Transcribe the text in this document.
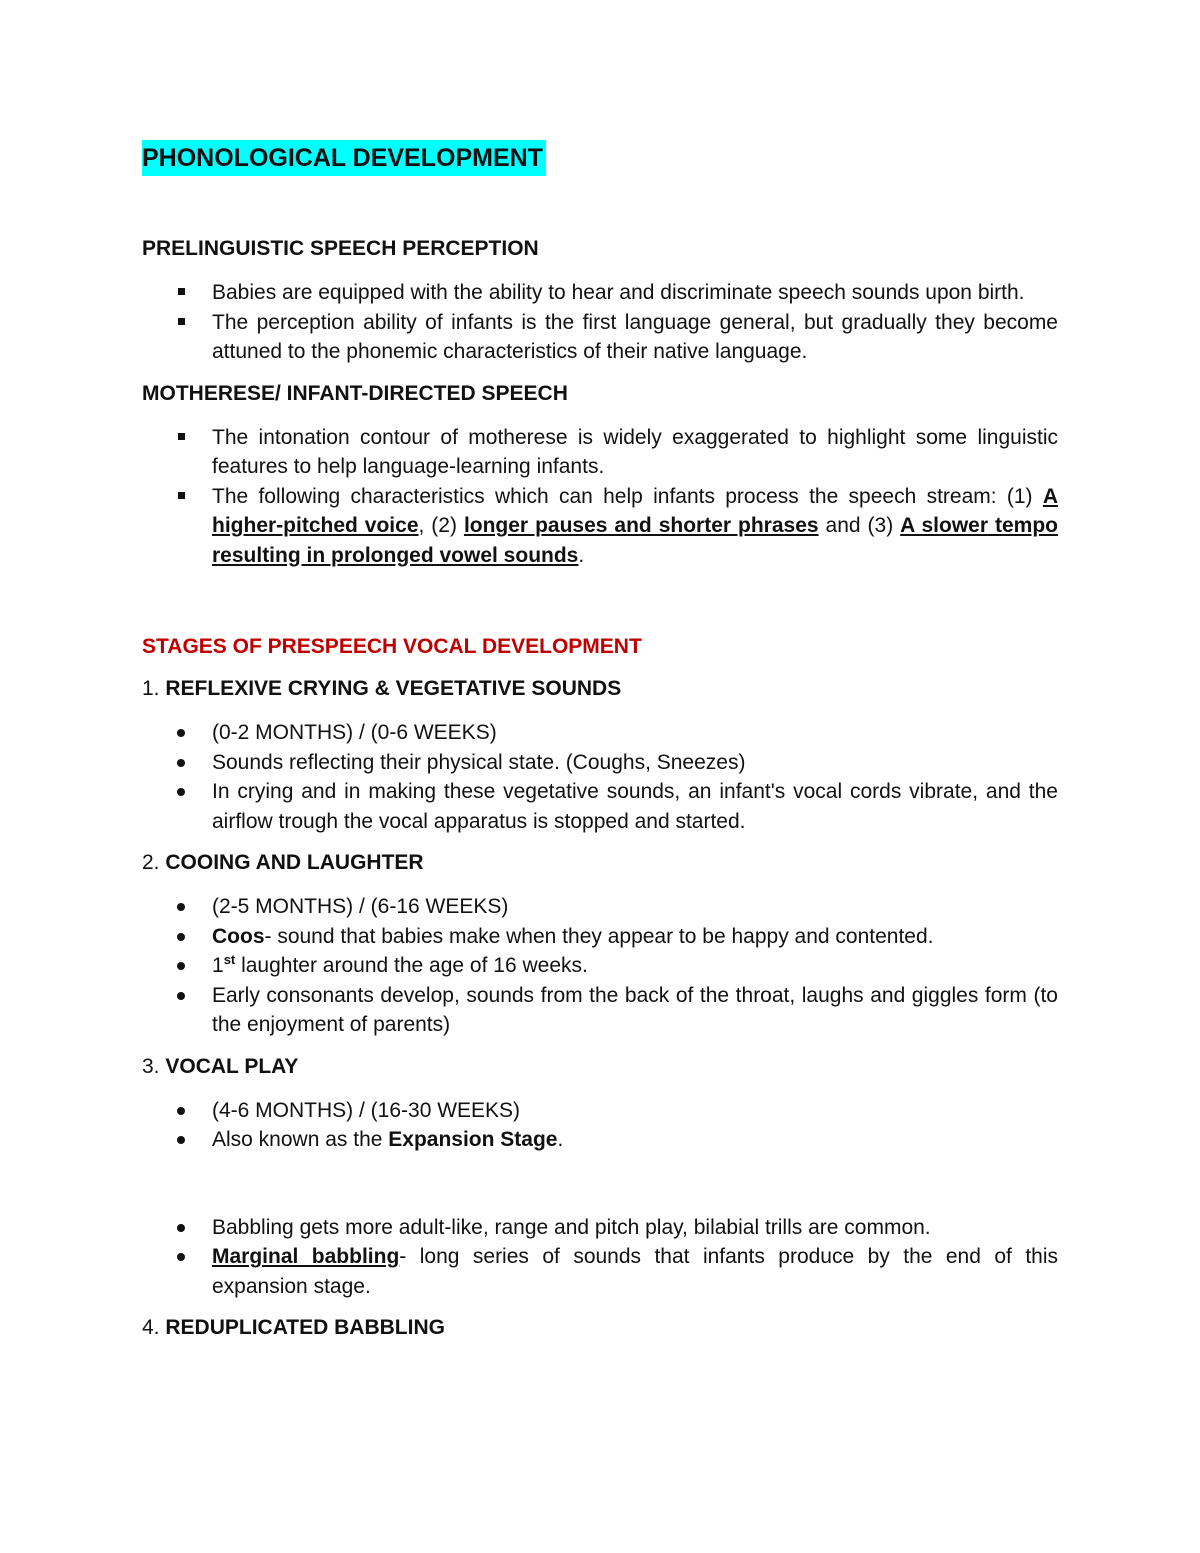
PHONOLOGICAL DEVELOPMENT
PRELINGUISTIC SPEECH PERCEPTION
Babies are equipped with the ability to hear and discriminate speech sounds upon birth.
The perception ability of infants is the first language general, but gradually they become attuned to the phonemic characteristics of their native language.
MOTHERESE/ INFANT-DIRECTED SPEECH
The intonation contour of motherese is widely exaggerated to highlight some linguistic features to help language-learning infants.
The following characteristics which can help infants process the speech stream: (1) A higher-pitched voice, (2) longer pauses and shorter phrases and (3) A slower tempo resulting in prolonged vowel sounds.
STAGES OF PRESPEECH VOCAL DEVELOPMENT
1. REFLEXIVE CRYING & VEGETATIVE SOUNDS
(0-2 MONTHS) / (0-6 WEEKS)
Sounds reflecting their physical state. (Coughs, Sneezes)
In crying and in making these vegetative sounds, an infant's vocal cords vibrate, and the airflow trough the vocal apparatus is stopped and started.
2. COOING AND LAUGHTER
(2-5 MONTHS) / (6-16 WEEKS)
Coos- sound that babies make when they appear to be happy and contented.
1st laughter around the age of 16 weeks.
Early consonants develop, sounds from the back of the throat, laughs and giggles form (to the enjoyment of parents)
3. VOCAL PLAY
(4-6 MONTHS) / (16-30 WEEKS)
Also known as the Expansion Stage.
Babbling gets more adult-like, range and pitch play, bilabial trills are common.
Marginal babbling- long series of sounds that infants produce by the end of this expansion stage.
4. REDUPLICATED BABBLING
